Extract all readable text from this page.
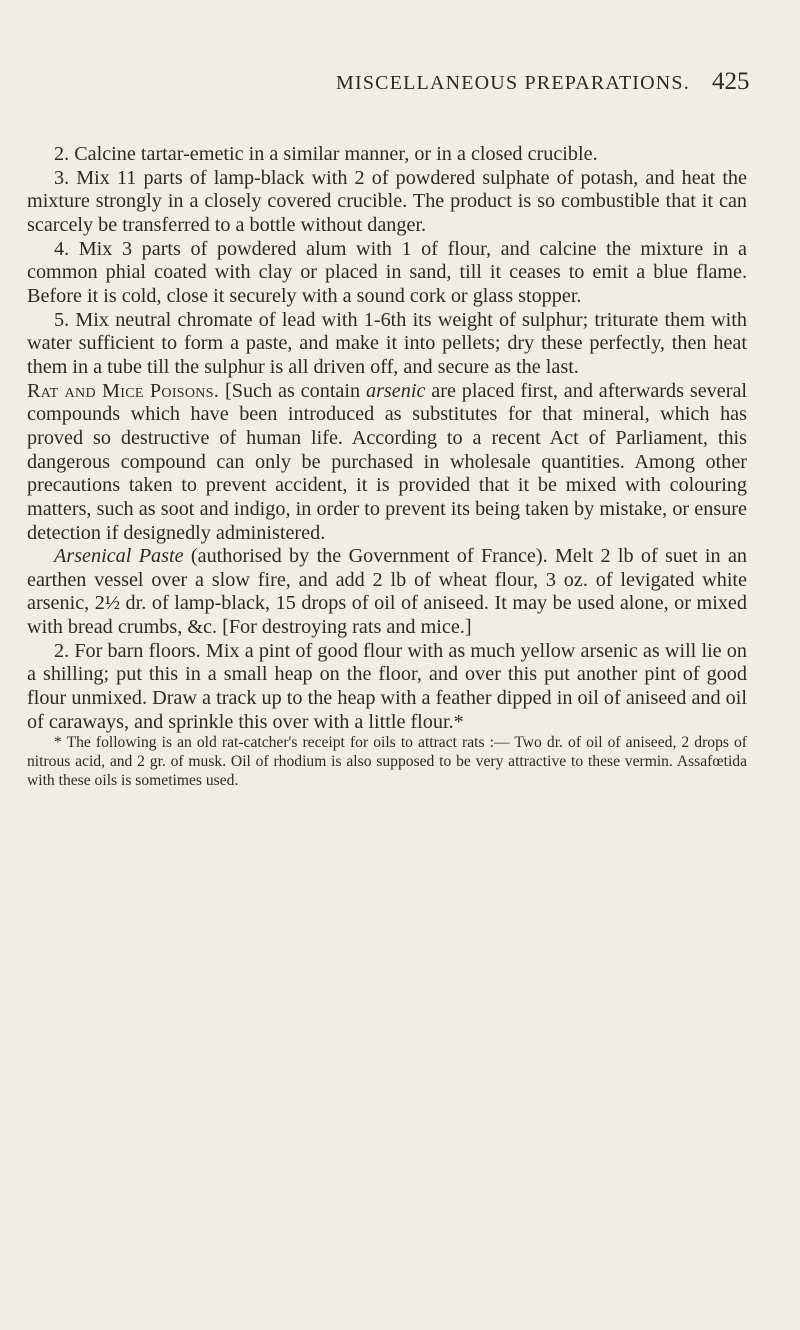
MISCELLANEOUS PREPARATIONS. 425

2. Calcine tartar-emetic in a similar manner, or in a closed crucible.

3. Mix 11 parts of lamp-black with 2 of powdered sulphate of potash, and heat the mixture strongly in a closely covered crucible. The product is so combustible that it can scarcely be transferred to a bottle without danger.

4. Mix 3 parts of powdered alum with 1 of flour, and calcine the mixture in a common phial coated with clay or placed in sand, till it ceases to emit a blue flame. Before it is cold, close it securely with a sound cork or glass stopper.

5. Mix neutral chromate of lead with 1-6th its weight of sulphur; triturate them with water sufficient to form a paste, and make it into pellets; dry these perfectly, then heat them in a tube till the sulphur is all driven off, and secure as the last.

Rat and Mice Poisons. [Such as contain arsenic are placed first, and afterwards several compounds which have been introduced as substitutes for that mineral, which has proved so destructive of human life. According to a recent Act of Parliament, this dangerous compound can only be purchased in wholesale quantities. Among other precautions taken to prevent accident, it is provided that it be mixed with colouring matters, such as soot and indigo, in order to prevent its being taken by mistake, or ensure detection if designedly administered.

Arsenical Paste (authorised by the Government of France). Melt 2 lb of suet in an earthen vessel over a slow fire, and add 2 lb of wheat flour, 3 oz. of levigated white arsenic, 2½ dr. of lamp-black, 15 drops of oil of aniseed. It may be used alone, or mixed with bread crumbs, &c. [For destroying rats and mice.]

2. For barn floors. Mix a pint of good flour with as much yellow arsenic as will lie on a shilling; put this in a small heap on the floor, and over this put another pint of good flour unmixed. Draw a track up to the heap with a feather dipped in oil of aniseed and oil of caraways, and sprinkle this over with a little flour.*

* The following is an old rat-catcher's receipt for oils to attract rats :— Two dr. of oil of aniseed, 2 drops of nitrous acid, and 2 gr. of musk. Oil of rhodium is also supposed to be very attractive to these vermin. Assafœtida with these oils is sometimes used.
